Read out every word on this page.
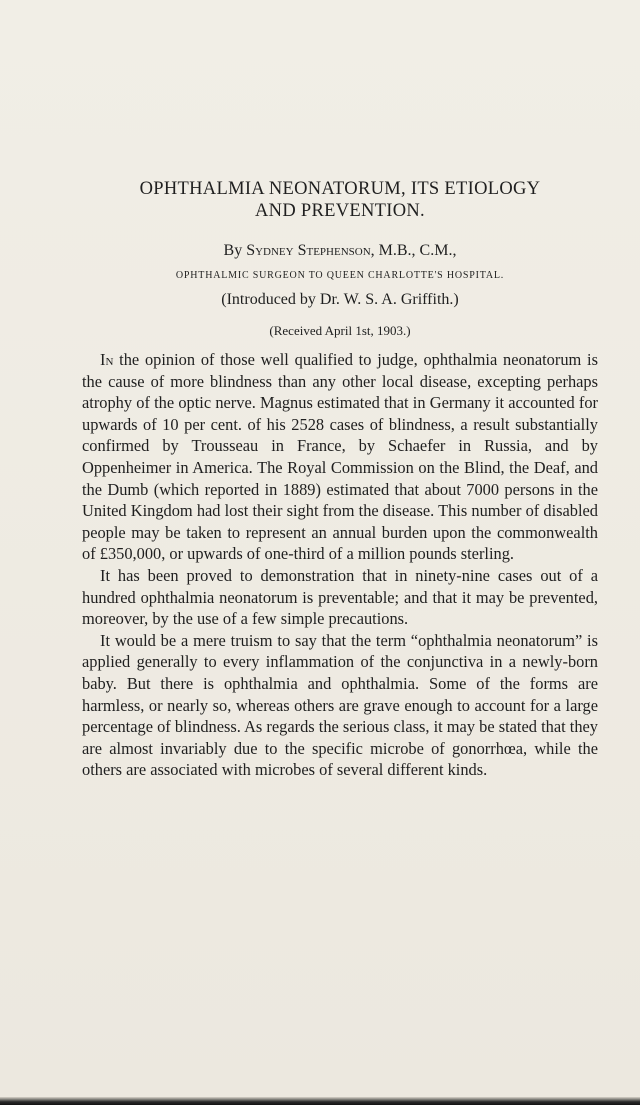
OPHTHALMIA NEONATORUM, ITS ETIOLOGY
AND PREVENTION.
By Sydney Stephenson, M.B., C.M.,
OPHTHALMIC SURGEON TO QUEEN CHARLOTTE'S HOSPITAL.
(Introduced by Dr. W. S. A. Griffith.)
(Received April 1st, 1903.)

In the opinion of those well qualified to judge, ophthalmia neonatorum is the cause of more blindness than any other local disease, excepting perhaps atrophy of the optic nerve. Magnus estimated that in Germany it accounted for upwards of 10 per cent. of his 2528 cases of blindness, a result substantially confirmed by Trousseau in France, by Schaefer in Russia, and by Oppenheimer in America. The Royal Commission on the Blind, the Deaf, and the Dumb (which reported in 1889) estimated that about 7000 persons in the United Kingdom had lost their sight from the disease. This number of disabled people may be taken to represent an annual burden upon the commonwealth of £350,000, or upwards of one-third of a million pounds sterling.

It has been proved to demonstration that in ninety-nine cases out of a hundred ophthalmia neonatorum is preventable; and that it may be prevented, moreover, by the use of a few simple precautions.

It would be a mere truism to say that the term “ophthalmia neonatorum” is applied generally to every inflammation of the conjunctiva in a newly-born baby. But there is ophthalmia and ophthalmia. Some of the forms are harmless, or nearly so, whereas others are grave enough to account for a large percentage of blindness. As regards the serious class, it may be stated that they are almost invariably due to the specific microbe of gonorrhœa, while the others are associated with microbes of several different kinds.
